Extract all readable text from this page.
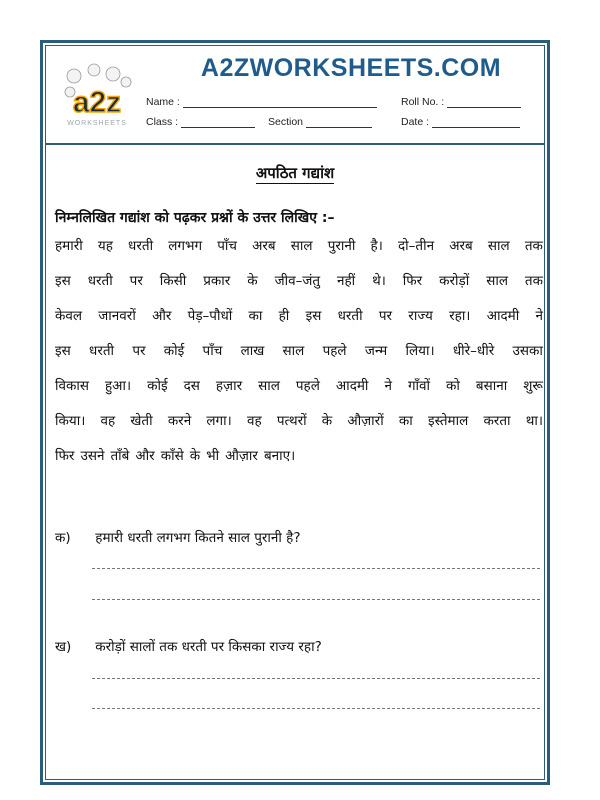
a2z
WORKSHEETS
A2ZWORKSHEETS.COM
Name :	Roll No. :
Class :	Section	Date :
अपठित गद्यांश
निम्नलिखित गद्यांश को पढ़कर प्रश्नों के उत्तर लिखिए :–
हमारी यह धरती लगभग पाँच अरब साल पुरानी है। दो–तीन अरब साल तक
इस धरती पर किसी प्रकार के जीव–जंतु नहीं थे। फिर करोड़ों साल तक
केवल जानवरों और पेड़–पौधों का ही इस धरती पर राज्य रहा। आदमी ने
इस धरती पर कोई पाँच लाख साल पहले जन्म लिया। धीरे–धीरे उसका
विकास हुआ। कोई दस हज़ार साल पहले आदमी ने गाँवों को बसाना शुरू
किया। वह खेती करने लगा। वह पत्थरों के औज़ारों का इस्तेमाल करता था।
फिर उसने ताँबे और काँसे के भी औज़ार बनाए।
क) हमारी धरती लगभग कितने साल पुरानी है?
ख) करोड़ों सालों तक धरती पर किसका राज्य रहा?
